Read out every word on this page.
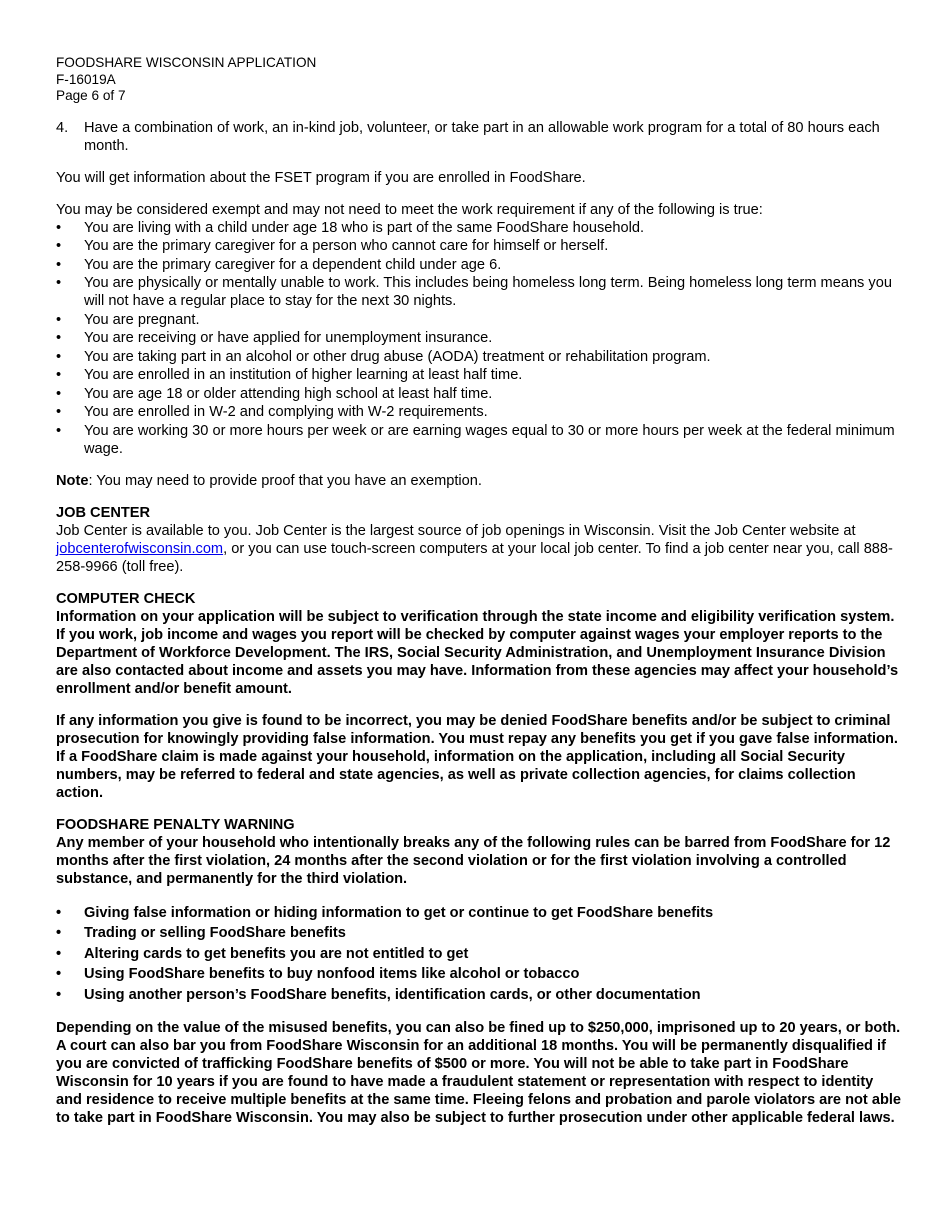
FOODSHARE WISCONSIN APPLICATION
F-16019A
Page 6 of 7
4. Have a combination of work, an in-kind job, volunteer, or take part in an allowable work program for a total of 80 hours each month.

You will get information about the FSET program if you are enrolled in FoodShare.

You may be considered exempt and may not need to meet the work requirement if any of the following is true:

• You are living with a child under age 18 who is part of the same FoodShare household.
• You are the primary caregiver for a person who cannot care for himself or herself.
• You are the primary caregiver for a dependent child under age 6.
• You are physically or mentally unable to work. This includes being homeless long term. Being homeless long term means you will not have a regular place to stay for the next 30 nights.
• You are pregnant.
• You are receiving or have applied for unemployment insurance.
• You are taking part in an alcohol or other drug abuse (AODA) treatment or rehabilitation program.
• You are enrolled in an institution of higher learning at least half time.
• You are age 18 or older attending high school at least half time.
• You are enrolled in W-2 and complying with W-2 requirements.
• You are working 30 or more hours per week or are earning wages equal to 30 or more hours per week at the federal minimum wage.

Note: You may need to provide proof that you have an exemption.

JOB CENTER

Job Center is available to you. Job Center is the largest source of job openings in Wisconsin. Visit the Job Center website at jobcenterofwisconsin.com, or you can use touch-screen computers at your local job center. To find a job center near you, call 888-258-9966 (toll free).

COMPUTER CHECK

Information on your application will be subject to verification through the state income and eligibility verification system. If you work, job income and wages you report will be checked by computer against wages your employer reports to the Department of Workforce Development. The IRS, Social Security Administration, and Unemployment Insurance Division are also contacted about income and assets you may have. Information from these agencies may affect your household’s enrollment and/or benefit amount.

If any information you give is found to be incorrect, you may be denied FoodShare benefits and/or be subject to criminal prosecution for knowingly providing false information. You must repay any benefits you get if you gave false information. If a FoodShare claim is made against your household, information on the application, including all Social Security numbers, may be referred to federal and state agencies, as well as private collection agencies, for claims collection action.

FOODSHARE PENALTY WARNING

Any member of your household who intentionally breaks any of the following rules can be barred from FoodShare for 12 months after the first violation, 24 months after the second violation or for the first violation involving a controlled substance, and permanently for the third violation.

• Giving false information or hiding information to get or continue to get FoodShare benefits
• Trading or selling FoodShare benefits
• Altering cards to get benefits you are not entitled to get
• Using FoodShare benefits to buy nonfood items like alcohol or tobacco
• Using another person’s FoodShare benefits, identification cards, or other documentation

Depending on the value of the misused benefits, you can also be fined up to $250,000, imprisoned up to 20 years, or both. A court can also bar you from FoodShare Wisconsin for an additional 18 months. You will be permanently disqualified if you are convicted of trafficking FoodShare benefits of $500 or more. You will not be able to take part in FoodShare Wisconsin for 10 years if you are found to have made a fraudulent statement or representation with respect to identity and residence to receive multiple benefits at the same time. Fleeing felons and probation and parole violators are not able to take part in FoodShare Wisconsin. You may also be subject to further prosecution under other applicable federal laws.
